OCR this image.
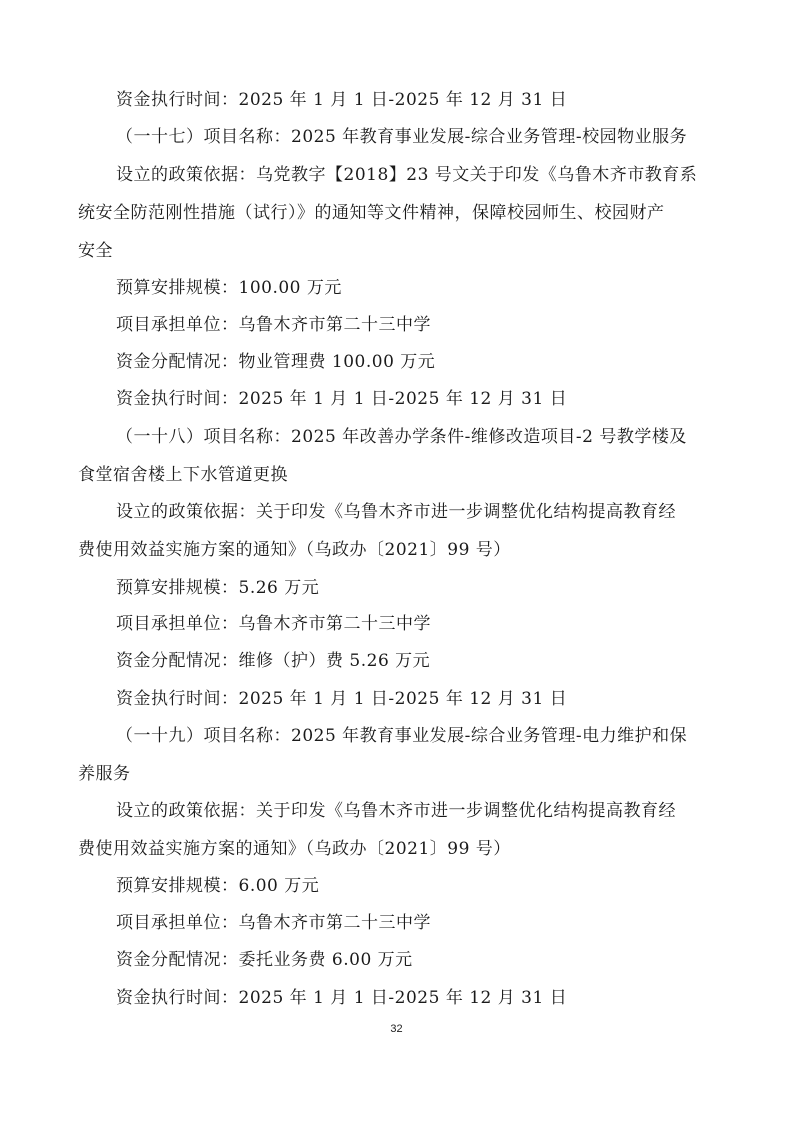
资金执行时间：2025 年 1 月 1 日-2025 年 12 月 31 日
（一十七）项目名称：2025 年教育事业发展-综合业务管理-校园物业服务
设立的政策依据：乌党教字【2018】23 号文关于印发《乌鲁木齐市教育系
统安全防范刚性措施（试行）》的通知等文件精神，保障校园师生、校园财产
安全
预算安排规模：100.00 万元
项目承担单位：乌鲁木齐市第二十三中学
资金分配情况：物业管理费 100.00 万元
资金执行时间：2025 年 1 月 1 日-2025 年 12 月 31 日
（一十八）项目名称：2025 年改善办学条件-维修改造项目-2 号教学楼及
食堂宿舍楼上下水管道更换
设立的政策依据：关于印发《乌鲁木齐市进一步调整优化结构提高教育经
费使用效益实施方案的通知》（乌政办〔2021〕99 号）
预算安排规模：5.26 万元
项目承担单位：乌鲁木齐市第二十三中学
资金分配情况：维修（护）费 5.26 万元
资金执行时间：2025 年 1 月 1 日-2025 年 12 月 31 日
（一十九）项目名称：2025 年教育事业发展-综合业务管理-电力维护和保
养服务
设立的政策依据：关于印发《乌鲁木齐市进一步调整优化结构提高教育经
费使用效益实施方案的通知》（乌政办〔2021〕99 号）
预算安排规模：6.00 万元
项目承担单位：乌鲁木齐市第二十三中学
资金分配情况：委托业务费 6.00 万元
资金执行时间：2025 年 1 月 1 日-2025 年 12 月 31 日
32
